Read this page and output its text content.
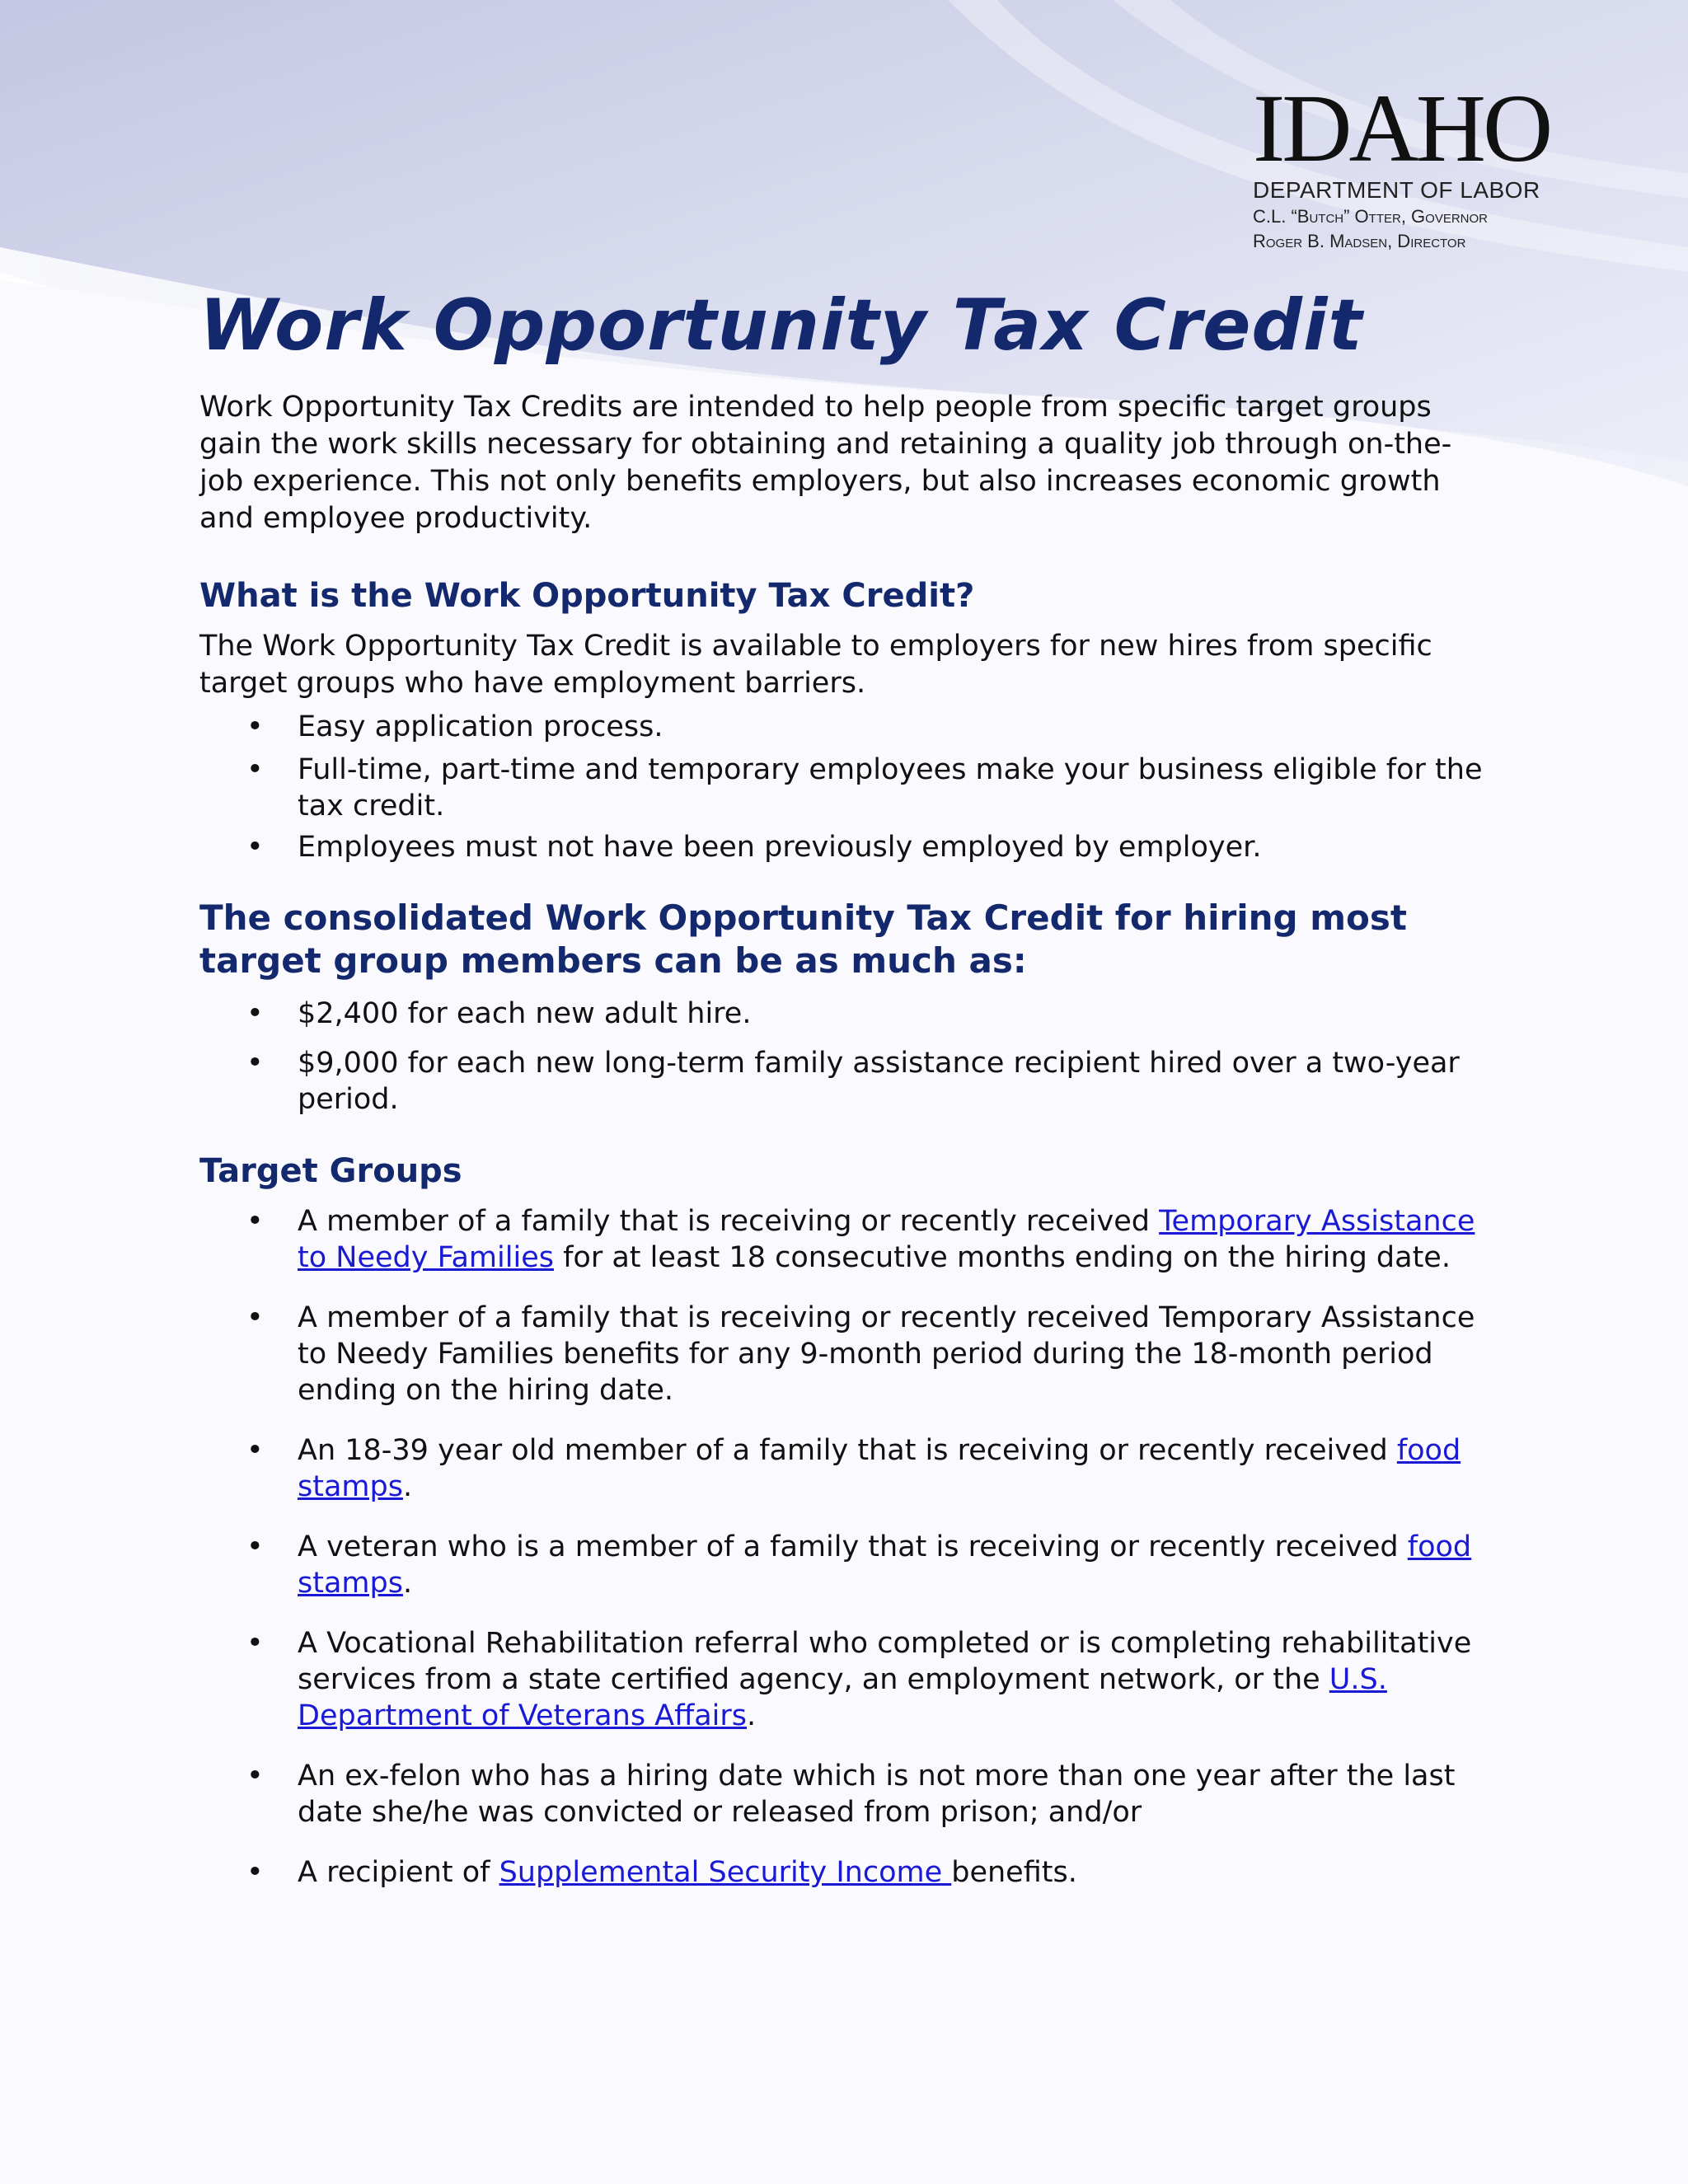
IDAHO
DEPARTMENT OF LABOR
C.L. “Butch” Otter, Governor
Roger B. Madsen, Director
Work Opportunity Tax Credit

Work Opportunity Tax Credits are intended to help people from specific target groups gain the work skills necessary for obtaining and retaining a quality job through on-the-job experience. This not only benefits employers, but also increases economic growth and employee productivity.

What is the Work Opportunity Tax Credit?

The Work Opportunity Tax Credit is available to employers for new hires from specific target groups who have employment barriers.

• Easy application process.
• Full-time, part-time and temporary employees make your business eligible for the tax credit.
• Employees must not have been previously employed by employer.
The consolidated Work Opportunity Tax Credit for hiring most target group members can be as much as:
• $2,400 for each new adult hire.
• $9,000 for each new long-term family assistance recipient hired over a two-year period.
Target Groups
• A member of a family that is receiving or recently received Temporary Assistance to Needy Families for at least 18 consecutive months ending on the hiring date.
• A member of a family that is receiving or recently received Temporary Assistance to Needy Families benefits for any 9-month period during the 18-month period ending on the hiring date.
• An 18-39 year old member of a family that is receiving or recently received food stamps.
• A veteran who is a member of a family that is receiving or recently received food stamps.
• A Vocational Rehabilitation referral who completed or is completing rehabilitative services from a state certified agency, an employment network, or the U.S. Department of Veterans Affairs.
• An ex-felon who has a hiring date which is not more than one year after the last date she/he was convicted or released from prison; and/or
• A recipient of Supplemental Security Income benefits.
